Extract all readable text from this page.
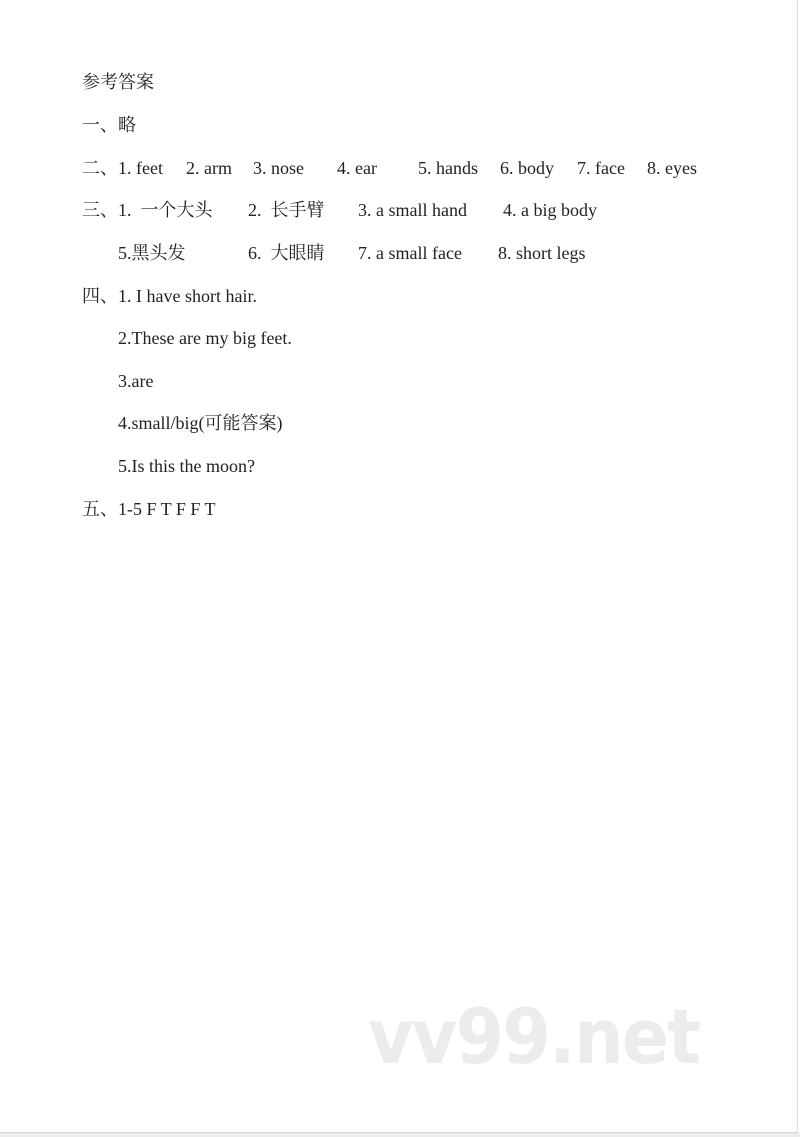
参考答案
一、 略
二、 1. feet 2. arm 3. nose 4. ear 5. hands 6. body 7. face 8. eyes
三、 1.  一个大头 2.  长手臂 3. a small hand 4. a big body
5.黑头发	6.  大眼睛 7. a small face 8. short legs
四、 1. I have short hair.
2.These are my big feet.
3.are
4.small/big(可能答案)
5.Is this the moon?
五、 1-5 F T F F T
vv99.net
